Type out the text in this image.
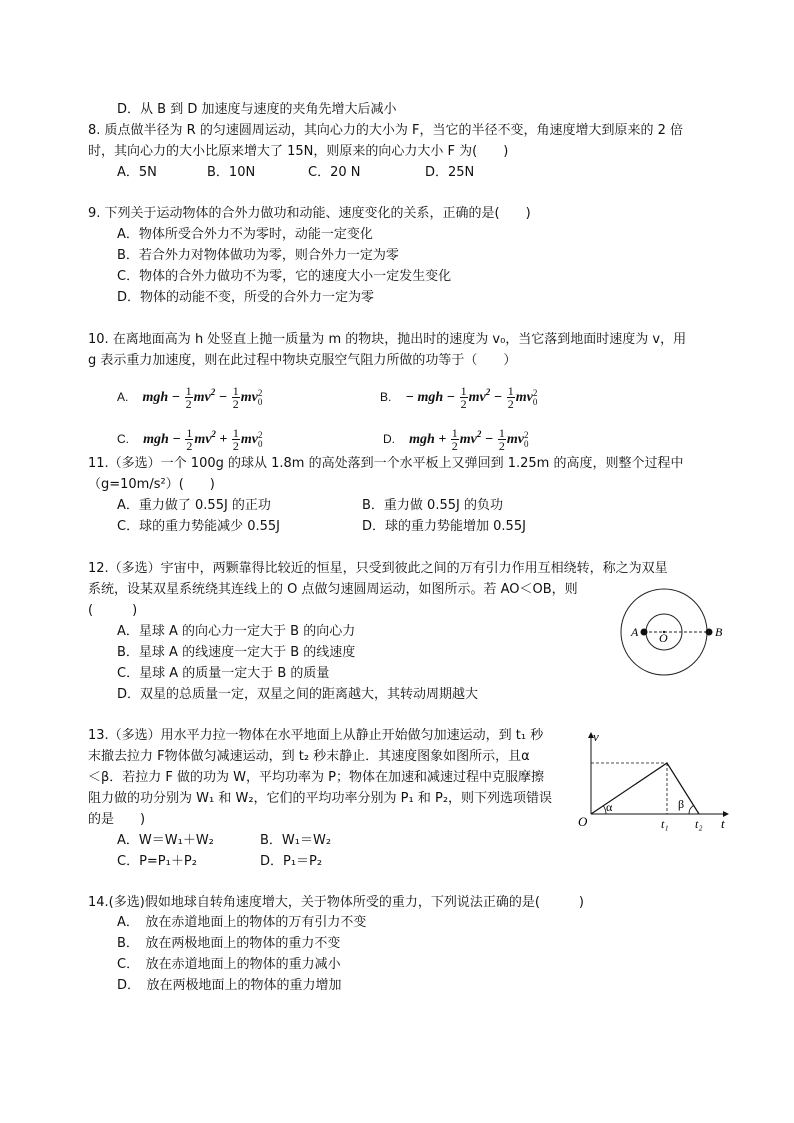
D．从 B 到 D 加速度与速度的夹角先增大后减小
8. 质点做半径为 R 的匀速圆周运动，其向心力的大小为 F，当它的半径不变，角速度增大到原来的 2 倍
时，其向心力的大小比原来增大了 15N，则原来的向心力大小 F 为(　　)
A．5N	B．10N	C．20 N	D．25N
9. 下列关于运动物体的合外力做功和动能、速度变化的关系，正确的是(　　)
A．物体所受合外力不为零时，动能一定变化
B．若合外力对物体做功为零，则合外力一定为零
C．物体的合外力做功不为零，它的速度大小一定发生变化
D．物体的动能不变，所受的合外力一定为零
10. 在离地面高为 h 处竖直上抛一质量为 m 的物块，抛出时的速度为 v₀，当它落到地面时速度为 v，用
g 表示重力加速度，则在此过程中物块克服空气阻力所做的功等于（　　）
A. mgh − $\frac{1}{2} mv^2 - \frac{1}{2}$ mv 2
0	B. − mgh − $\frac{1}{2} mv^2 - \frac{1}{2}$ mv 2
0
C. mgh − $\frac{1}{2} mv^2 + \frac{1}{2}$ mv 2
0	D. mgh + $\frac{1}{2} mv^2 - \frac{1}{2}$ mv 2
0
11.（多选）一个 100g 的球从 1.8m 的高处落到一个水平板上又弹回到 1.25m 的高度，则整个过程中
（g=10m/s²）(　　)
A．重力做了 0.55J 的正功	B．重力做 0.55J 的负功
C．球的重力势能减少 0.55J	D．球的重力势能增加 0.55J
12.（多选）宇宙中，两颗靠得比较近的恒星，只受到彼此之间的万有引力作用互相绕转，称之为双星
系统，设某双星系统绕其连线上的 O 点做匀速圆周运动，如图所示。若 AO＜OB，则
(　　　)
A．星球 A 的向心力一定大于 B 的向心力
B．星球 A 的线速度一定大于 B 的线速度
C．星球 A 的质量一定大于 B 的质量
D．双星的总质量一定，双星之间的距离越大，其转动周期越大
A O	B
13.（多选）用水平力拉一物体在水平地面上从静止开始做匀加速运动，到 t₁ 秒
末撤去拉力 F物体做匀减速运动，到 t₂ 秒末静止．其速度图象如图所示，且α
＜β．若拉力 F 做的功为 W，平均功率为 P；物体在加速和减速过程中克服摩擦
阻力做的功分别为 W₁ 和 W₂，它们的平均功率分别为 P₁ 和 P₂，则下列选项错误
的是　　)
A．W＝W₁＋W₂	B．W₁＝W₂
C．P=P₁＋P₂	D．P₁＝P₂
v
t
O
α	β
t₁ t₂
14.(多选)假如地球自转角速度增大，关于物体所受的重力，下列说法正确的是(　　　)
A．　放在赤道地面上的物体的万有引力不变
B．　放在两极地面上的物体的重力不变
C．　放在赤道地面上的物体的重力减小
D．　放在两极地面上的物体的重力增加
